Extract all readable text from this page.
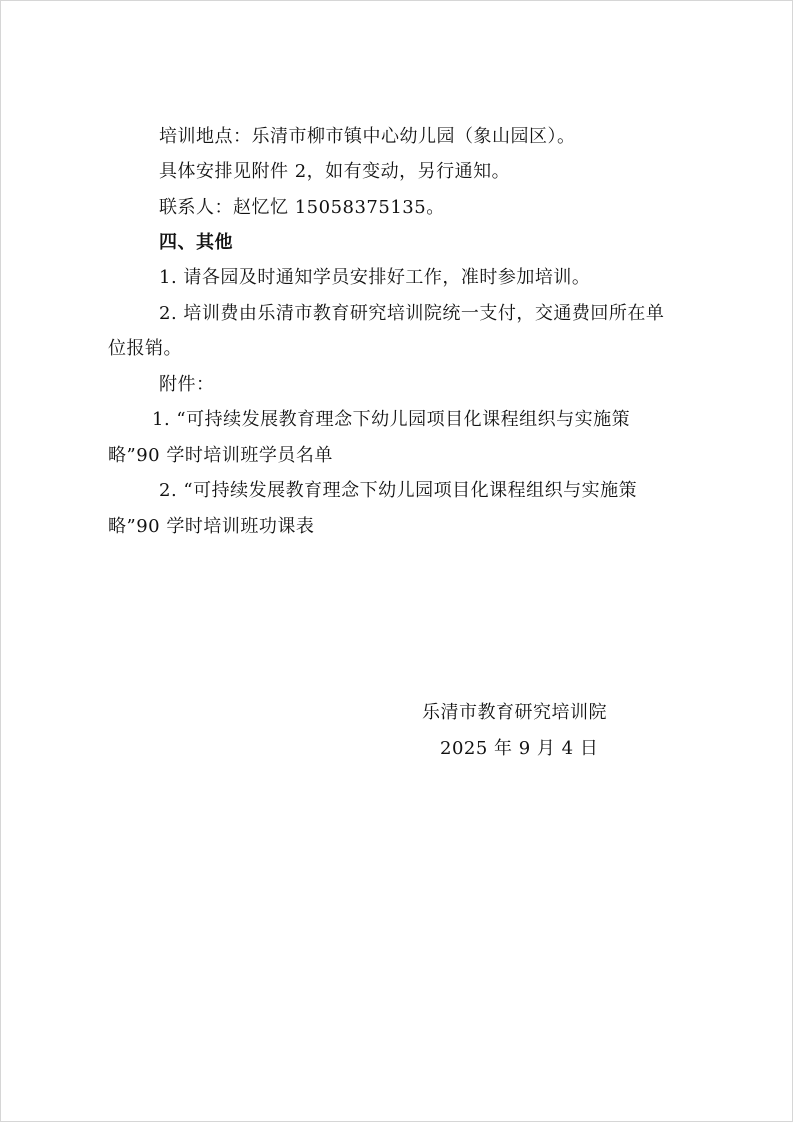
培训地点：乐清市柳市镇中心幼儿园（象山园区）。
具体安排见附件 2，如有变动，另行通知。
联系人：赵忆忆 15058375135。
四、其他
1. 请各园及时通知学员安排好工作，准时参加培训。
2. 培训费由乐清市教育研究培训院统一支付，交通费回所在单
位报销。
附件：
1. “可持续发展教育理念下幼儿园项目化课程组织与实施策
略”90 学时培训班学员名单
2. “可持续发展教育理念下幼儿园项目化课程组织与实施策
略”90 学时培训班功课表
乐清市教育研究培训院
2025 年 9 月 4 日
